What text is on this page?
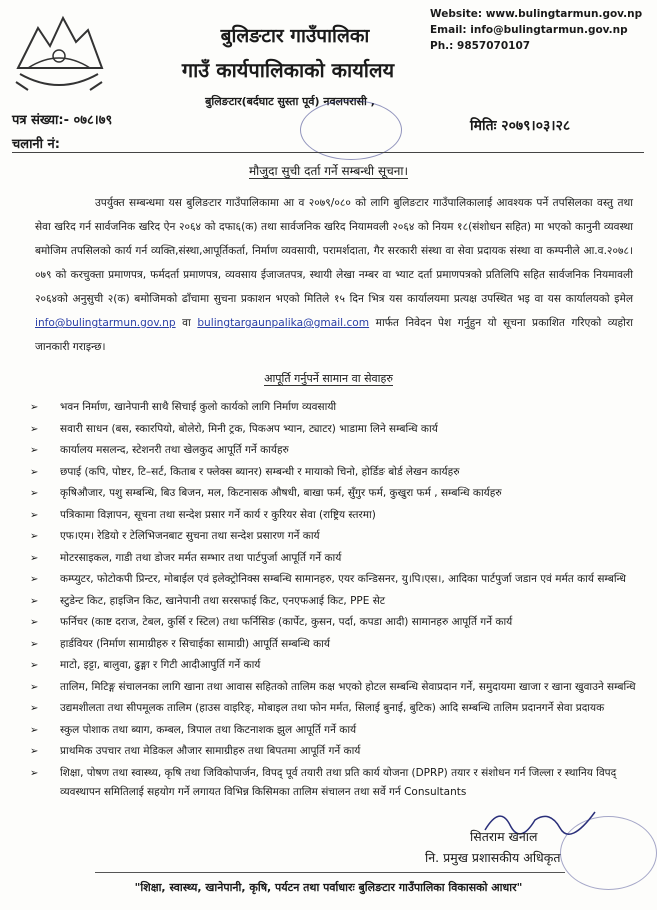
बुलिङटार गाउँपालिका
गाउँ कार्यपालिकाको कार्यालय
बुलिङटार(बर्दघाट सुस्ता पूर्व) नवलपरासी ,
Website: www.bulingtarmun.gov.np
Email: info@bulingtarmun.gov.np
Ph.: 9857070107
पत्र संख्या:- ०७८।७९
चलानी नं:
मितिः २०७९।०३।२८
मौजुदा सुची दर्ता गर्ने सम्बन्धी सूचना।

उपर्युक्त सम्बन्धमा यस बुलिङटार गाउँपालिकामा आ व २०७९/०८० को लागि बुलिङटार गाउँपालिकालाई आवश्यक पर्ने तपसिलका वस्तु तथा सेवा खरिद गर्न सार्वजनिक खरिद ऐन २०६४ को दफा६(क) तथा सार्वजनिक खरिद नियामवली २०६४ को नियम १८(संशोधन सहित) मा भएको कानुनी व्यवस्था बमोजिम तपसिलको कार्य गर्न व्यक्ति,संस्था,आपूर्तिकर्ता, निर्माण व्यवसायी, परामर्शदाता, गैर सरकारी संस्था वा सेवा प्रदायक संस्था वा कम्पनीले आ.व.२०७८।०७९ को करचुक्ता प्रमाणपत्र, फर्मदर्ता प्रमाणपत्र, व्यवसाय ईजाजतपत्र, स्थायी लेखा नम्बर वा भ्याट दर्ता प्रमाणपत्रको प्रतिलिपि सहित सार्वजनिक नियमावली २०६४को अनुसुची २(क) बमोजिमको ढाँचामा सुचना प्रकाशन भएको मितिले १५ दिन भित्र यस कार्यालयमा प्रत्यक्ष उपस्थित भइ वा यस कार्यालयको इमेल info@bulingtarmun.gov.np वा bulingtargaunpalika@gmail.com मार्फत निवेदन पेश गर्नुहुन यो सूचना प्रकाशित गरिएको व्यहोरा जानकारी गराइन्छ।

आपूर्ति गर्नुपर्ने सामान वा सेवाहरु
➢ भवन निर्माण, खानेपानी साथै सिचाई कुलो कार्यको लागि निर्माण व्यवसायी
➢ सवारी साधन (बस, स्कारपियो, बोलेरो, मिनी ट्रक, पिकअप भ्यान, ट्याटर) भाडामा लिने सम्बन्धि कार्य
➢ कार्यालय मसलन्द, स्टेशनरी तथा खेलकुद आपूर्ति गर्ने कार्यहरु
➢ छपाई (कपि, पोष्टर, टि–सर्ट, किताब र फ्लेक्स ब्यानर) सम्बन्धी र मायाको चिनो, होर्डिङ बोर्ड लेखन कार्यहरु
➢ कृषिऔजार, पशु सम्बन्धि, बिउ बिजन, मल, किटनासक औषधी, बाखा फर्म, सुँगुर फर्म, कुखुरा फर्म , सम्बन्धि कार्यहरु
➢ पत्रिकामा विज्ञापन, सूचना तथा सन्देश प्रसार गर्ने कार्य र कुरियर सेवा (राष्ट्रिय स्तरमा)
➢ एफ।एम। रेडियो र टेलिभिजनबाट सुचना तथा सन्देश प्रसारण गर्ने कार्य
➢ मोटरसाइकल, गाडी तथा डोजर मर्मत सम्भार तथा पार्टपुर्जा आपूर्ति गर्ने कार्य
➢ कम्प्युटर, फोटोकपी प्रिन्टर, मोबाईल एवं इलेक्ट्रोनिक्स सम्बन्धि सामानहरु, एयर कन्डिसनर, यु।पि।एस।, आदिका पार्टपुर्जा जडान एवं मर्मत कार्य सम्बन्धि
➢ स्टुडेन्ट किट, हाइजिन किट, खानेपानी तथा सरसफाई किट, एनएफआई किट, PPE सेट
➢ फर्निचर (काष्ट दराज, टेबल, कुर्सि र स्टिल) तथा फर्निसिङ (कार्पेट, कुसन, पर्दा, कपडा आदी) सामानहरु आपूर्ति गर्ने कार्य
➢ हार्डवियर (निर्माण सामाग्रीहरु र सिचाईका सामाग्री) आपूर्ति सम्बन्धि कार्य
➢ माटो, इट्टा, बालुवा, ढुङ्गा र गिटी आदीआपुर्ति गर्ने कार्य
➢ तालिम, मिटिङ्ग संचालनका लागि खाना तथा आवास सहितको तालिम कक्ष भएको होटल सम्बन्धि सेवाप्रदान गर्ने, समुदायमा खाजा र खाना खुवाउने सम्बन्धि
➢ उद्यमशीलता तथा सीपमूलक तालिम (हाउस वाइरिङ्, मोबाइल तथा फोन मर्मत, सिलाई बुनाई, बुटिक) आदि सम्बन्धि तालिम प्रदानगर्ने सेवा प्रदायक
➢ स्कुल पोशाक तथा ब्याग, कम्बल, त्रिपाल तथा किटनाशक झुल आपूर्ति गर्ने कार्य
➢ प्राथमिक उपचार तथा मेडिकल औजार सामाग्रीहरु तथा बिपतमा आपूर्ति गर्ने कार्य
➢ शिक्षा, पोषण तथा स्वास्थ्य, कृषि तथा जिविकोपार्जन, विपद् पूर्व तयारी तथा प्रति कार्य योजना (DPRP) तयार र संशोधन गर्न जिल्ला र स्थानिय विपद् व्यवस्थापन समितिलाई सहयोग गर्ने लगायत विभिन्न किसिमका तालिम संचालन तथा सर्वे गर्न Consultants
सितराम खनाल
नि. प्रमुख प्रशासकीय अधिकृत
"शिक्षा, स्वास्थ्य, खानेपानी, कृषि, पर्यटन तथा पर्वाधारः बुलिङटार गाउँपालिका विकासको आधार"
